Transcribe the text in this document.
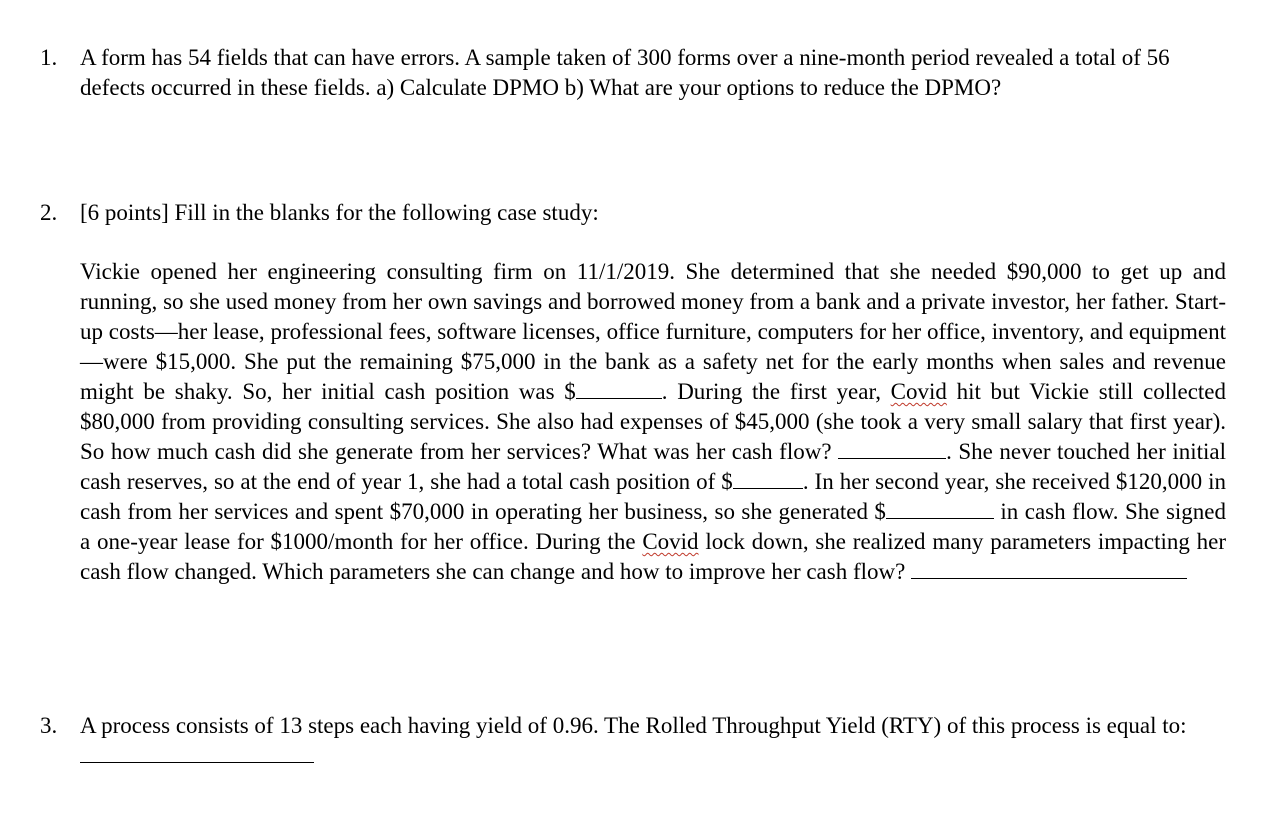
1. A form has 54 fields that can have errors. A sample taken of 300 forms over a nine-month period revealed a total of 56 defects occurred in these fields. a) Calculate DPMO b) What are your options to reduce the DPMO?
2. [6 points] Fill in the blanks for the following case study:
Vickie opened her engineering consulting firm on 11/1/2019. She determined that she needed $90,000 to get up and running, so she used money from her own savings and borrowed money from a bank and a private investor, her father. Start-up costs—her lease, professional fees, software licenses, office furniture, computers for her office, inventory, and equipment—were $15,000. She put the remaining $75,000 in the bank as a safety net for the early months when sales and revenue might be shaky. So, her initial cash position was $	. During the first year, Covid hit but Vickie still collected $80,000 from providing consulting services. She also had expenses of $45,000 (she took a very small salary that first year). So how much cash did she generate from her services? What was her cash flow?	. She never touched her initial cash reserves, so at the end of year 1, she had a total cash position of $	. In her second year, she received $120,000 in cash from her services and spent $70,000 in operating her business, so she generated $	in cash flow. She signed a one-year lease for $1000/month for her office. During the Covid lock down, she realized many parameters impacting her cash flow changed. Which parameters she can change and how to improve her cash flow?
3. A process consists of 13 steps each having yield of 0.96. The Rolled Throughput Yield (RTY) of this process is equal to:
